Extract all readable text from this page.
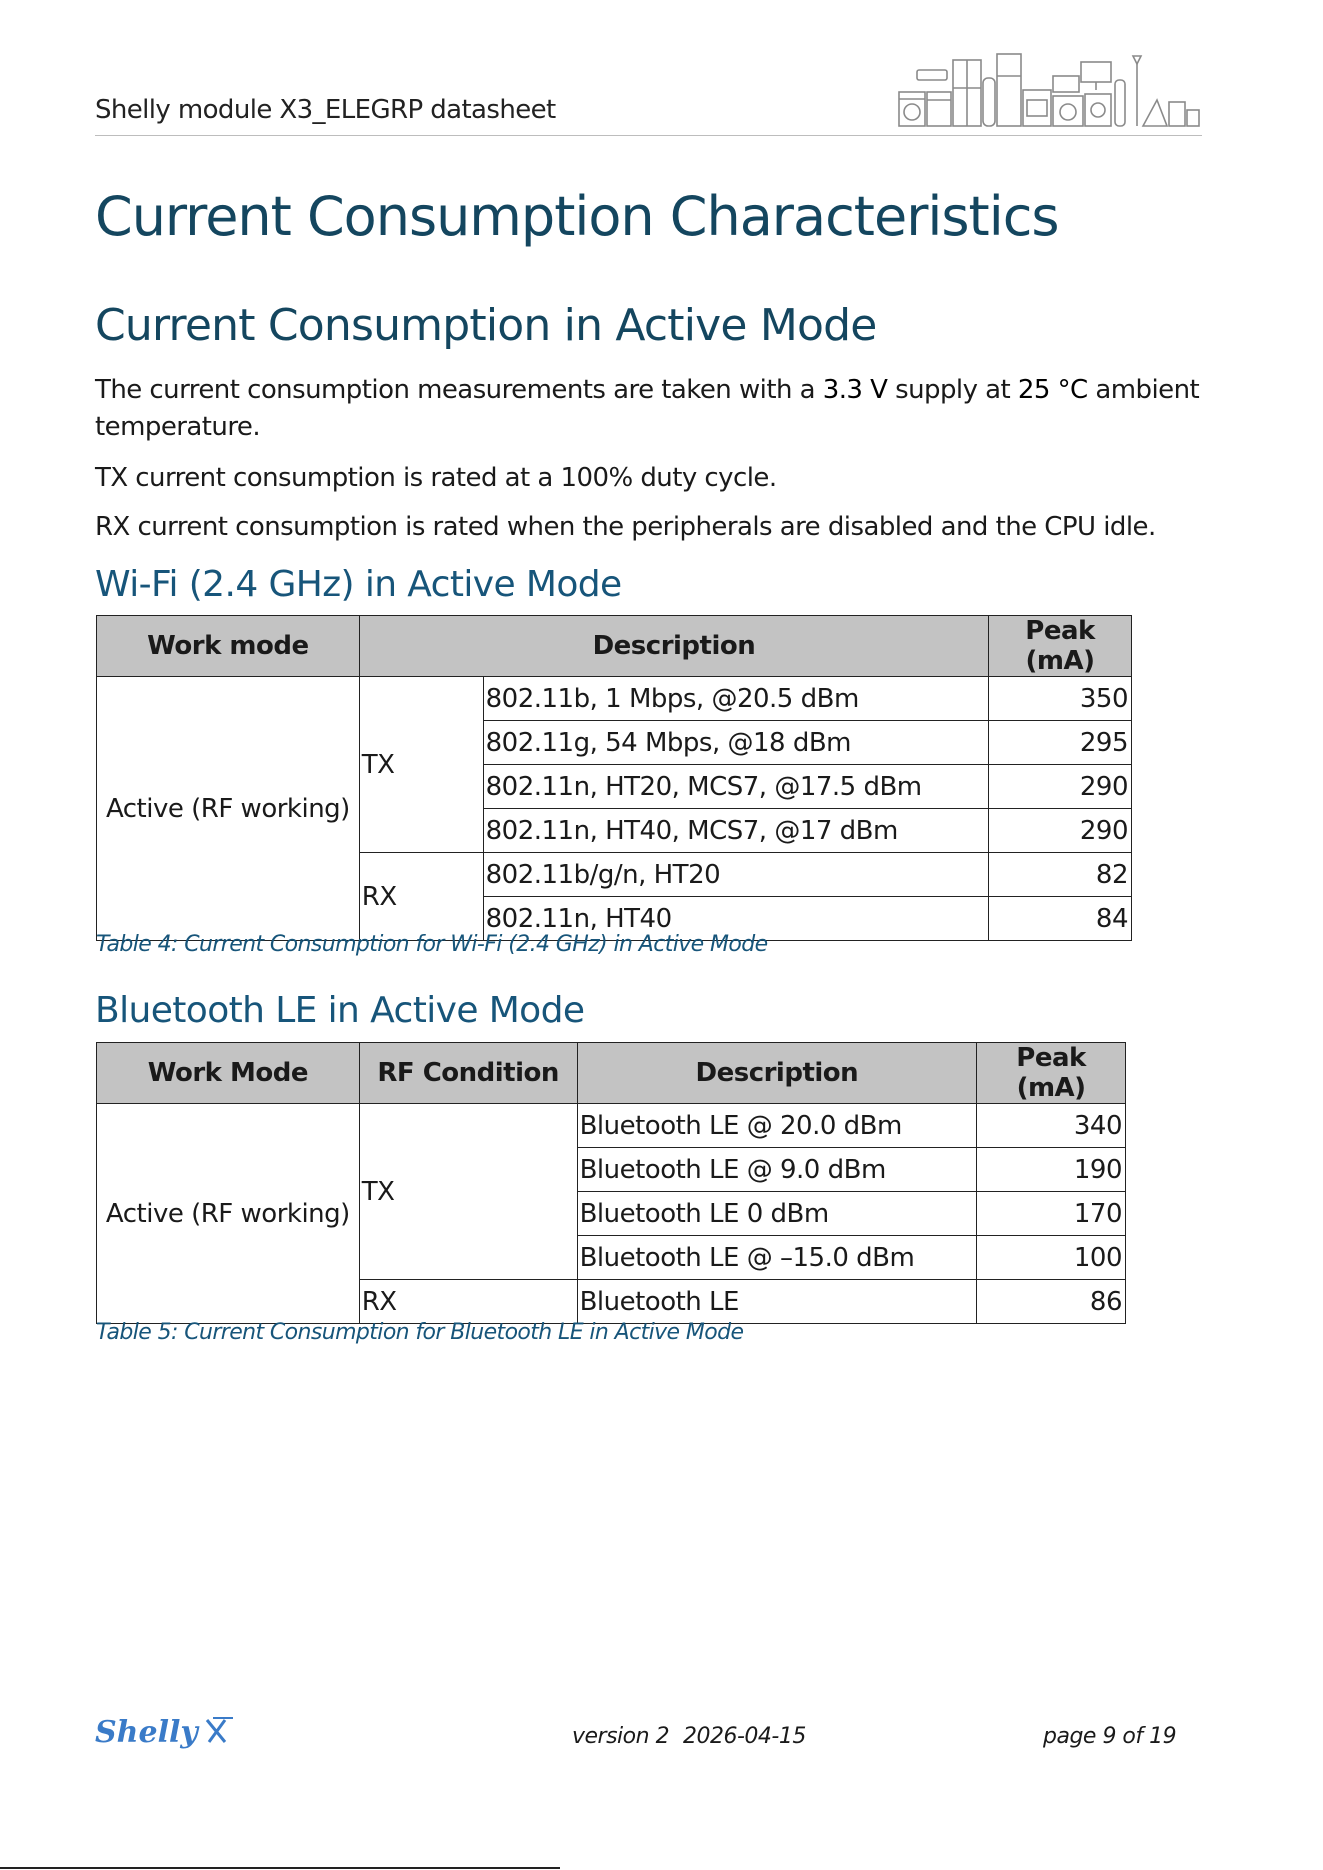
Shelly module X3_ELEGRP datasheet
Current Consumption Characteristics
Current Consumption in Active Mode

The current consumption measurements are taken with a 3.3 V supply at 25 °C ambient temperature.

TX current consumption is rated at a 100% duty cycle.

RX current consumption is rated when the peripherals are disabled and the CPU idle.

Wi-Fi (2.4 GHz) in Active Mode
Work mode	Description		Peak (mA)
Active (RF working)	TX	802.11b, 1 Mbps, @20.5 dBm	350
		802.11g, 54 Mbps, @18 dBm	295
		802.11n, HT20, MCS7, @17.5 dBm	290
		802.11n, HT40, MCS7, @17 dBm	290
	RX	802.11b/g/n, HT20	82
		802.11n, HT40	84
Table 4: Current Consumption for Wi-Fi (2.4 GHz) in Active Mode
Bluetooth LE in Active Mode
Work Mode	RF Condition	Description	Peak (mA)
Active (RF working)	TX	Bluetooth LE @ 20.0 dBm	340
		Bluetooth LE @ 9.0 dBm	190
		Bluetooth LE 0 dBm	170
		Bluetooth LE @ –15.0 dBm	100
	RX	Bluetooth LE	86
Table 5: Current Consumption for Bluetooth LE in Active Mode
Shelly	version 2 2026-04-15	page 9 of 19
